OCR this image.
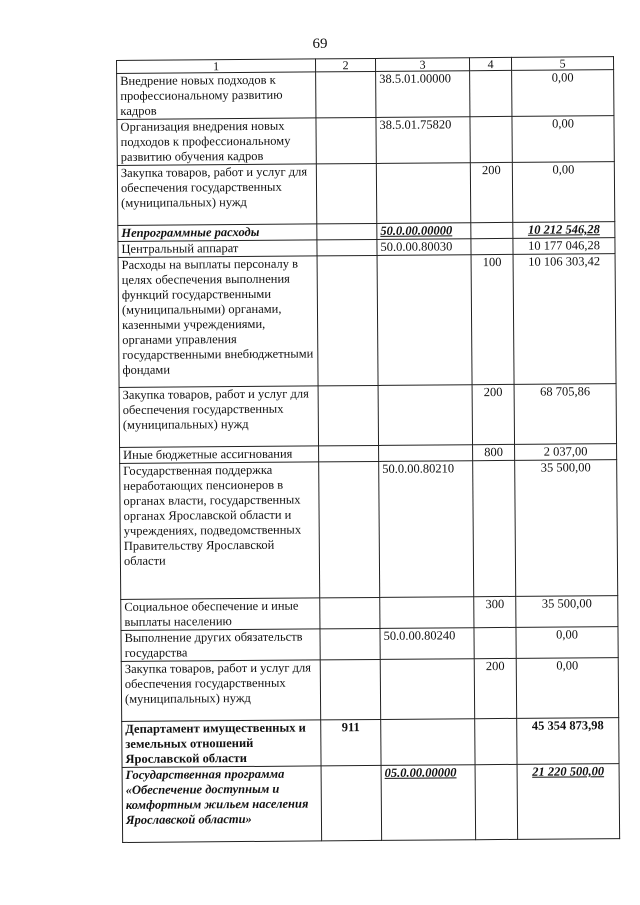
69
1	2	3	4	5
Внедрение новых подходов к профессиональному развитию кадров		38.5.01.00000		0,00
Организация внедрения новых подходов к профессиональному развитию обучения кадров		38.5.01.75820		0,00
Закупка товаров, работ и услуг для обеспечения государственных (муниципальных) нужд			200	0,00
Непрограммные расходы		50.0.00.00000		10 212 546,28
Центральный аппарат		50.0.00.80030		10 177 046,28
Расходы на выплаты персоналу в целях обеспечения выполнения функций государственными (муниципальными) органами, казенными учреждениями, органами управления государственными внебюджетными фондами			100	10 106 303,42
Закупка товаров, работ и услуг для обеспечения государственных (муниципальных) нужд			200	68 705,86
Иные бюджетные ассигнования			800	2 037,00
Государственная поддержка неработающих пенсионеров в органах власти, государственных органах Ярославской области и учреждениях, подведомственных Правительству Ярославской области		50.0.00.80210		35 500,00
Социальное обеспечение и иные выплаты населению			300	35 500,00
Выполнение других обязательств государства		50.0.00.80240		0,00
Закупка товаров, работ и услуг для обеспечения государственных (муниципальных) нужд			200	0,00
Департамент имущественных и земельных отношений Ярославской области	911			45 354 873,98
Государственная программа «Обеспечение доступным и комфортным жильем населения Ярославской области»		05.0.00.00000		21 220 500,00
